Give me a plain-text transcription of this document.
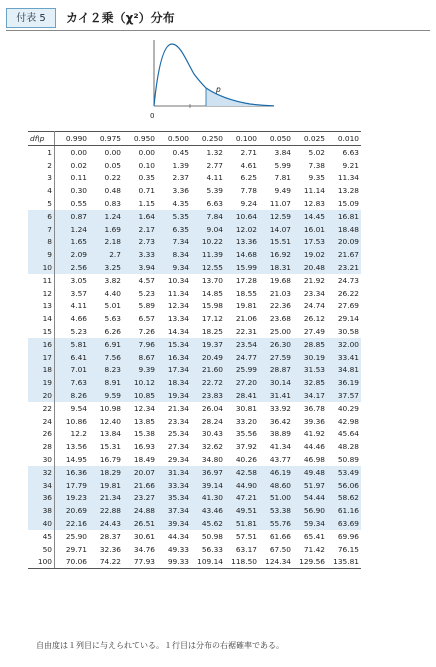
付表 5	カイ２乗（χ²）分布
0
p
df\p	0.990	0.975	0.950	0.500	0.250	0.100	0.050	0.025	0.010
1	0.00	0.00	0.00	0.45	1.32	2.71	3.84	5.02	6.63
2	0.02	0.05	0.10	1.39	2.77	4.61	5.99	7.38	9.21
3	0.11	0.22	0.35	2.37	4.11	6.25	7.81	9.35	11.34
4	0.30	0.48	0.71	3.36	5.39	7.78	9.49	11.14	13.28
5	0.55	0.83	1.15	4.35	6.63	9.24	11.07	12.83	15.09
6	0.87	1.24	1.64	5.35	7.84	10.64	12.59	14.45	16.81
7	1.24	1.69	2.17	6.35	9.04	12.02	14.07	16.01	18.48
8	1.65	2.18	2.73	7.34	10.22	13.36	15.51	17.53	20.09
9	2.09	2.7	3.33	8.34	11.39	14.68	16.92	19.02	21.67
10	2.56	3.25	3.94	9.34	12.55	15.99	18.31	20.48	23.21
11	3.05	3.82	4.57	10.34	13.70	17.28	19.68	21.92	24.73
12	3.57	4.40	5.23	11.34	14.85	18.55	21.03	23.34	26.22
13	4.11	5.01	5.89	12.34	15.98	19.81	22.36	24.74	27.69
14	4.66	5.63	6.57	13.34	17.12	21.06	23.68	26.12	29.14
15	5.23	6.26	7.26	14.34	18.25	22.31	25.00	27.49	30.58
16	5.81	6.91	7.96	15.34	19.37	23.54	26.30	28.85	32.00
17	6.41	7.56	8.67	16.34	20.49	24.77	27.59	30.19	33.41
18	7.01	8.23	9.39	17.34	21.60	25.99	28.87	31.53	34.81
19	7.63	8.91	10.12	18.34	22.72	27.20	30.14	32.85	36.19
20	8.26	9.59	10.85	19.34	23.83	28.41	31.41	34.17	37.57
22	9.54	10.98	12.34	21.34	26.04	30.81	33.92	36.78	40.29
24	10.86	12.40	13.85	23.34	28.24	33.20	36.42	39.36	42.98
26	12.2	13.84	15.38	25.34	30.43	35.56	38.89	41.92	45.64
28	13.56	15.31	16.93	27.34	32.62	37.92	41.34	44.46	48.28
30	14.95	16.79	18.49	29.34	34.80	40.26	43.77	46.98	50.89
32	16.36	18.29	20.07	31.34	36.97	42.58	46.19	49.48	53.49
34	17.79	19.81	21.66	33.34	39.14	44.90	48.60	51.97	56.06
36	19.23	21.34	23.27	35.34	41.30	47.21	51.00	54.44	58.62
38	20.69	22.88	24.88	37.34	43.46	49.51	53.38	56.90	61.16
40	22.16	24.43	26.51	39.34	45.62	51.81	55.76	59.34	63.69
45	25.90	28.37	30.61	44.34	50.98	57.51	61.66	65.41	69.96
50	29.71	32.36	34.76	49.33	56.33	63.17	67.50	71.42	76.15
100	70.06	74.22	77.93	99.33	109.14	118.50	124.34	129.56	135.81
自由度は１列目に与えられている。１行目は分布の右裾確率である。
